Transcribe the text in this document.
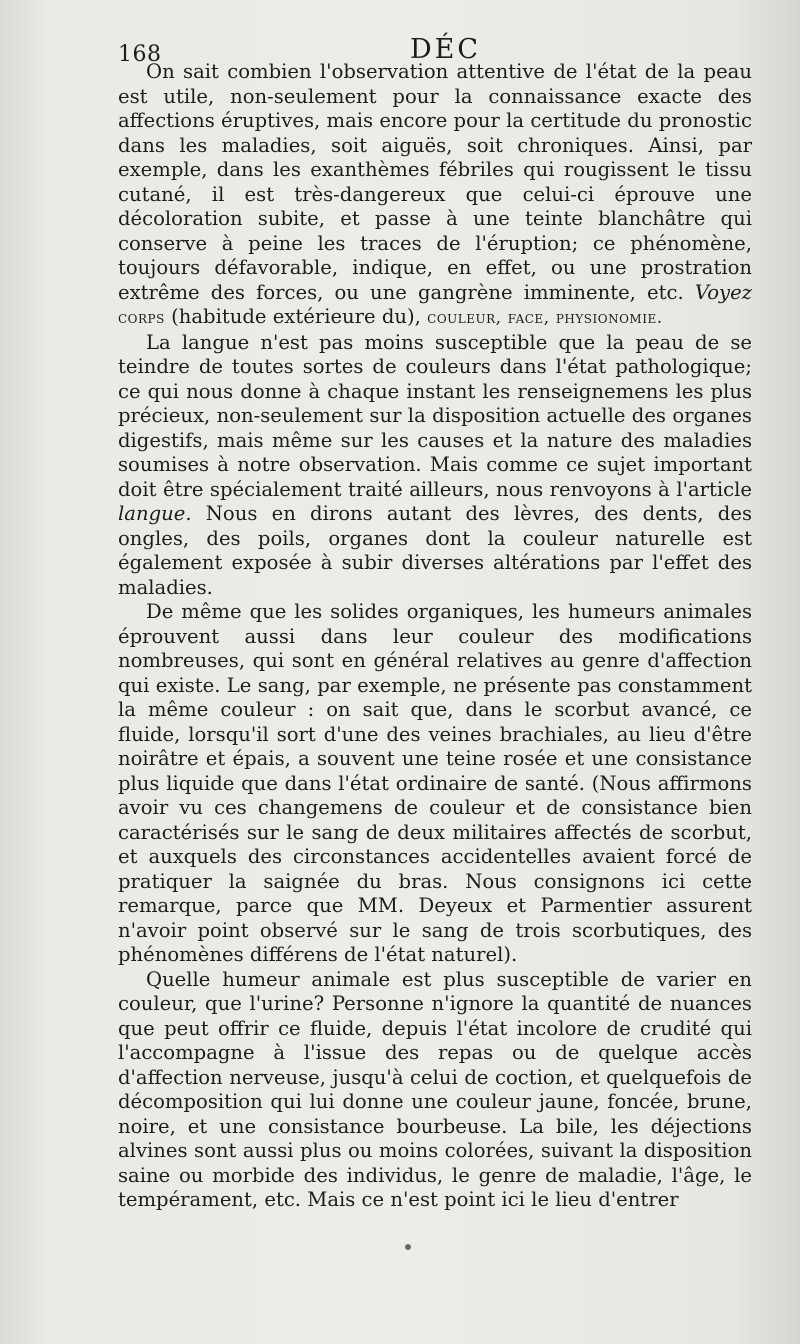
168	DÉC

On sait combien l'observation attentive de l'état de la peau est utile, non-seulement pour la connaissance exacte des affections éruptives, mais encore pour la certitude du pronostic dans les maladies, soit aiguës, soit chroniques. Ainsi, par exemple, dans les exanthèmes fébriles qui rougissent le tissu cutané, il est très-dangereux que celui-ci éprouve une décoloration subite, et passe à une teinte blanchâtre qui conserve à peine les traces de l'éruption; ce phénomène, toujours défavorable, indique, en effet, ou une prostration extrême des forces, ou une gangrène imminente, etc. Voyez corps (habitude extérieure du), couleur, face, physionomie.

La langue n'est pas moins susceptible que la peau de se teindre de toutes sortes de couleurs dans l'état pathologique; ce qui nous donne à chaque instant les renseignemens les plus précieux, non-seulement sur la disposition actuelle des organes digestifs, mais même sur les causes et la nature des maladies soumises à notre observation. Mais comme ce sujet important doit être spécialement traité ailleurs, nous renvoyons à l'article langue. Nous en dirons autant des lèvres, des dents, des ongles, des poils, organes dont la couleur naturelle est également exposée à subir diverses altérations par l'effet des maladies.

De même que les solides organiques, les humeurs animales éprouvent aussi dans leur couleur des modifications nombreuses, qui sont en général relatives au genre d'affection qui existe. Le sang, par exemple, ne présente pas constamment la même couleur : on sait que, dans le scorbut avancé, ce fluide, lorsqu'il sort d'une des veines brachiales, au lieu d'être noirâtre et épais, a souvent une teine rosée et une consistance plus liquide que dans l'état ordinaire de santé. (Nous affirmons avoir vu ces changemens de couleur et de consistance bien caractérisés sur le sang de deux militaires affectés de scorbut, et auxquels des circonstances accidentelles avaient forcé de pratiquer la saignée du bras. Nous consignons ici cette remarque, parce que MM. Deyeux et Parmentier assurent n'avoir point observé sur le sang de trois scorbutiques, des phénomènes différens de l'état naturel).

Quelle humeur animale est plus susceptible de varier en couleur, que l'urine? Personne n'ignore la quantité de nuances que peut offrir ce fluide, depuis l'état incolore de crudité qui l'accompagne à l'issue des repas ou de quelque accès d'affection nerveuse, jusqu'à celui de coction, et quelquefois de décomposition qui lui donne une couleur jaune, foncée, brune, noire, et une consistance bourbeuse. La bile, les déjections alvines sont aussi plus ou moins colorées, suivant la disposition saine ou morbide des individus, le genre de maladie, l'âge, le tempérament, etc. Mais ce n'est point ici le lieu d'entrer
